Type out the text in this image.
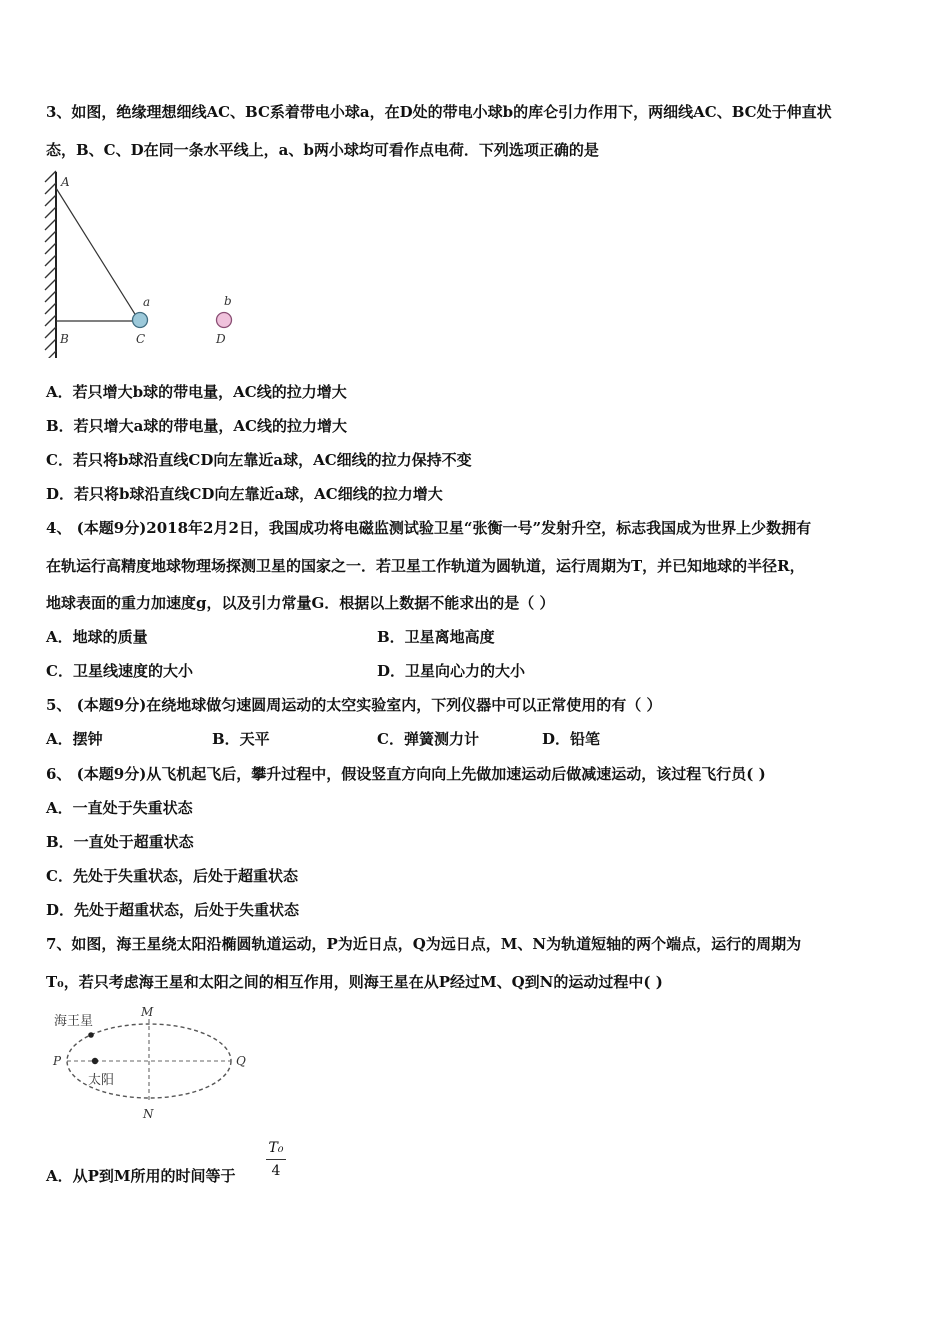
3、如图，绝缘理想细线AC、BC系着带电小球a，在D处的带电小球b的库仑引力作用下，两细线AC、BC处于伸直状
态，B、C、D在同一条水平线上，a、b两小球均可看作点电荷．下列选项正确的是
A
B	C	D
a	b
A．若只增大b球的带电量，AC线的拉力增大
B．若只增大a球的带电量，AC线的拉力增大
C．若只将b球沿直线CD向左靠近a球，AC细线的拉力保持不变
D．若只将b球沿直线CD向左靠近a球，AC细线的拉力增大
4、 (本题9分)2018年2月2日，我国成功将电磁监测试验卫星“张衡一号”发射升空，标志我国成为世界上少数拥有
在轨运行高精度地球物理场探测卫星的国家之一．若卫星工作轨道为圆轨道，运行周期为T，并已知地球的半径R，
地球表面的重力加速度g，以及引力常量G．根据以上数据不能求出的是（ ）
A．地球的质量	B．卫星离地高度
C．卫星线速度的大小	D．卫星向心力的大小
5、 (本题9分)在绕地球做匀速圆周运动的太空实验室内，下列仪器中可以正常使用的有（ ）
A．摆钟	B．天平	C．弹簧测力计	D．铅笔
6、 (本题9分)从飞机起飞后，攀升过程中，假设竖直方向向上先做加速运动后做减速运动，该过程飞行员( )
A．一直处于失重状态
B．一直处于超重状态
C．先处于失重状态，后处于超重状态
D．先处于超重状态，后处于失重状态
7、如图，海王星绕太阳沿椭圆轨道运动，P为近日点，Q为远日点，M、N为轨道短轴的两个端点，运行的周期为
T₀，若只考虑海王星和太阳之间的相互作用，则海王星在从P经过M、Q到N的运动过程中( )
海王星
太阳
P	Q
M
N
A．从P到M所用的时间等于
T₀
4
